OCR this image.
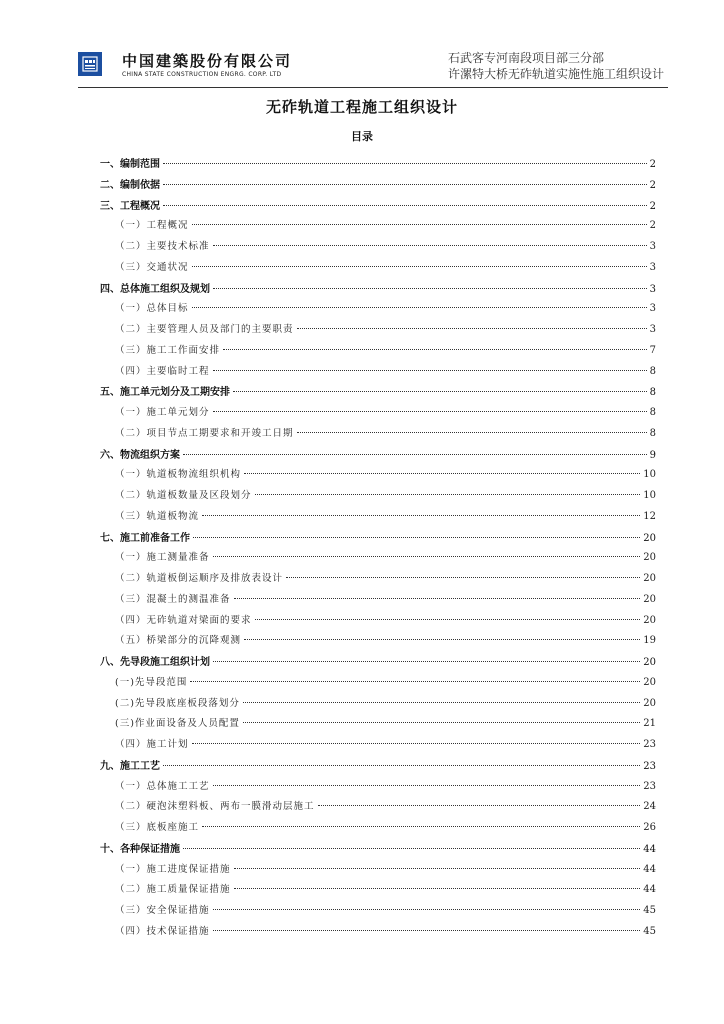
中国建築股份有限公司
CHINA STATE CONSTRUCTION ENGRG. CORP. LTD
石武客专河南段项目部三分部
许漯特大桥无砟轨道实施性施工组织设计
无砟轨道工程施工组织设计
目录
一、编制范围	2
二、编制依据	2
三、工程概况	2
（一）工程概况	2
（二）主要技术标准	3
（三）交通状况	3
四、总体施工组织及规划	3
（一）总体目标	3
（二）主要管理人员及部门的主要职责	3
（三）施工工作面安排	7
（四）主要临时工程	8
五、施工单元划分及工期安排	8
（一）施工单元划分	8
（二）项目节点工期要求和开竣工日期	8
六、物流组织方案	9
（一）轨道板物流组织机构	10
（二）轨道板数量及区段划分	10
（三）轨道板物流	12
七、施工前准备工作	20
（一）施工测量准备	20
（二）轨道板倒运顺序及排放表设计	20
（三）混凝土的测温准备	20
（四）无砟轨道对梁面的要求	20
（五）桥梁部分的沉降观测	19
八、先导段施工组织计划	20
(一)先导段范围	20
(二)先导段底座板段落划分	20
(三)作业面设备及人员配置	21
（四）施工计划	23
九、施工工艺	23
（一）总体施工工艺	23
（二）硬泡沫塑料板、两布一膜滑动层施工	24
（三）底板座施工	26
十、各种保证措施	44
（一）施工进度保证措施	44
（二）施工质量保证措施	44
（三）安全保证措施	45
（四）技术保证措施	45
